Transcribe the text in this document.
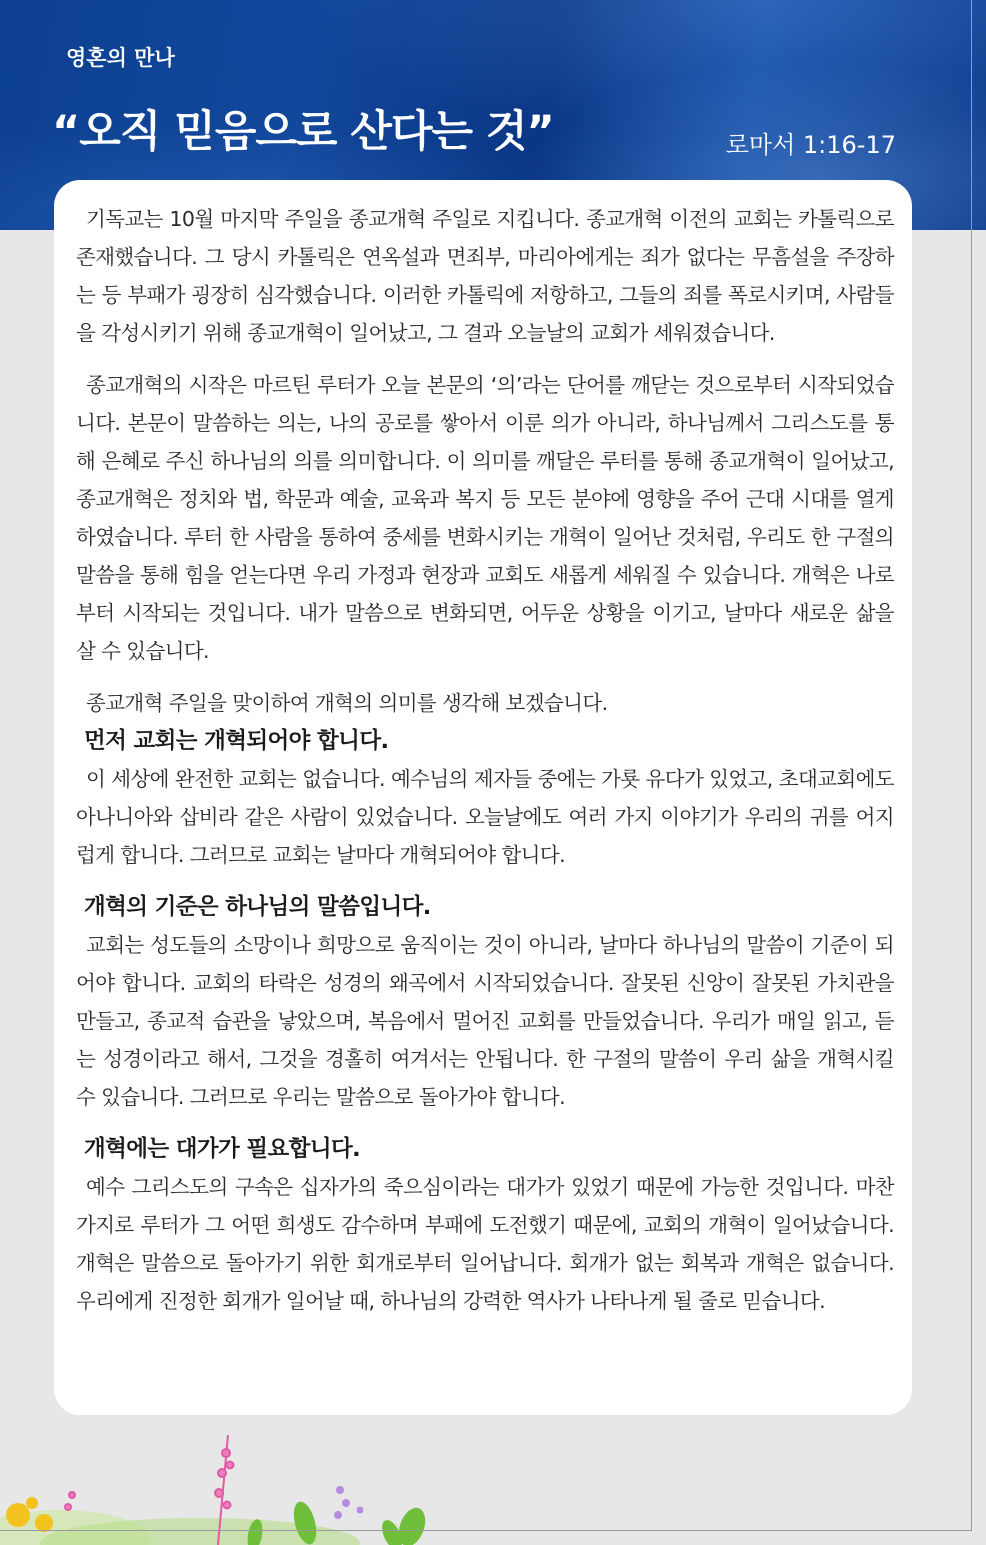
영혼의 만나
“오직 믿음으로 산다는 것”	로마서 1:16-17

기독교는 10월 마지막 주일을 종교개혁 주일로 지킵니다. 종교개혁 이전의 교회는 카톨릭으로 존재했습니다. 그 당시 카톨릭은 연옥설과 면죄부, 마리아에게는 죄가 없다는 무흠설을 주장하는 등 부패가 굉장히 심각했습니다. 이러한 카톨릭에 저항하고, 그들의 죄를 폭로시키며, 사람들을 각성시키기 위해 종교개혁이 일어났고, 그 결과 오늘날의 교회가 세워졌습니다.

종교개혁의 시작은 마르틴 루터가 오늘 본문의 ‘의’라는 단어를 깨닫는 것으로부터 시작되었습니다. 본문이 말씀하는 의는, 나의 공로를 쌓아서 이룬 의가 아니라, 하나님께서 그리스도를 통해 은혜로 주신 하나님의 의를 의미합니다. 이 의미를 깨달은 루터를 통해 종교개혁이 일어났고, 종교개혁은 정치와 법, 학문과 예술, 교육과 복지 등 모든 분야에 영향을 주어 근대 시대를 열게 하였습니다. 루터 한 사람을 통하여 중세를 변화시키는 개혁이 일어난 것처럼, 우리도 한 구절의 말씀을 통해 힘을 얻는다면 우리 가정과 현장과 교회도 새롭게 세워질 수 있습니다. 개혁은 나로부터 시작되는 것입니다. 내가 말씀으로 변화되면, 어두운 상황을 이기고, 날마다 새로운 삶을 살 수 있습니다.

종교개혁 주일을 맞이하여 개혁의 의미를 생각해 보겠습니다.

먼저 교회는 개혁되어야 합니다.

이 세상에 완전한 교회는 없습니다. 예수님의 제자들 중에는 가룟 유다가 있었고, 초대교회에도 아나니아와 삽비라 같은 사람이 있었습니다. 오늘날에도 여러 가지 이야기가 우리의 귀를 어지럽게 합니다. 그러므로 교회는 날마다 개혁되어야 합니다.

개혁의 기준은 하나님의 말씀입니다.

교회는 성도들의 소망이나 희망으로 움직이는 것이 아니라, 날마다 하나님의 말씀이 기준이 되어야 합니다. 교회의 타락은 성경의 왜곡에서 시작되었습니다. 잘못된 신앙이 잘못된 가치관을 만들고, 종교적 습관을 낳았으며, 복음에서 멀어진 교회를 만들었습니다. 우리가 매일 읽고, 듣는 성경이라고 해서, 그것을 경홀히 여겨서는 안됩니다. 한 구절의 말씀이 우리 삶을 개혁시킬 수 있습니다. 그러므로 우리는 말씀으로 돌아가야 합니다.

개혁에는 대가가 필요합니다.

예수 그리스도의 구속은 십자가의 죽으심이라는 대가가 있었기 때문에 가능한 것입니다. 마찬가지로 루터가 그 어떤 희생도 감수하며 부패에 도전했기 때문에, 교회의 개혁이 일어났습니다. 개혁은 말씀으로 돌아가기 위한 회개로부터 일어납니다. 회개가 없는 회복과 개혁은 없습니다. 우리에게 진정한 회개가 일어날 때, 하나님의 강력한 역사가 나타나게 될 줄로 믿습니다.
